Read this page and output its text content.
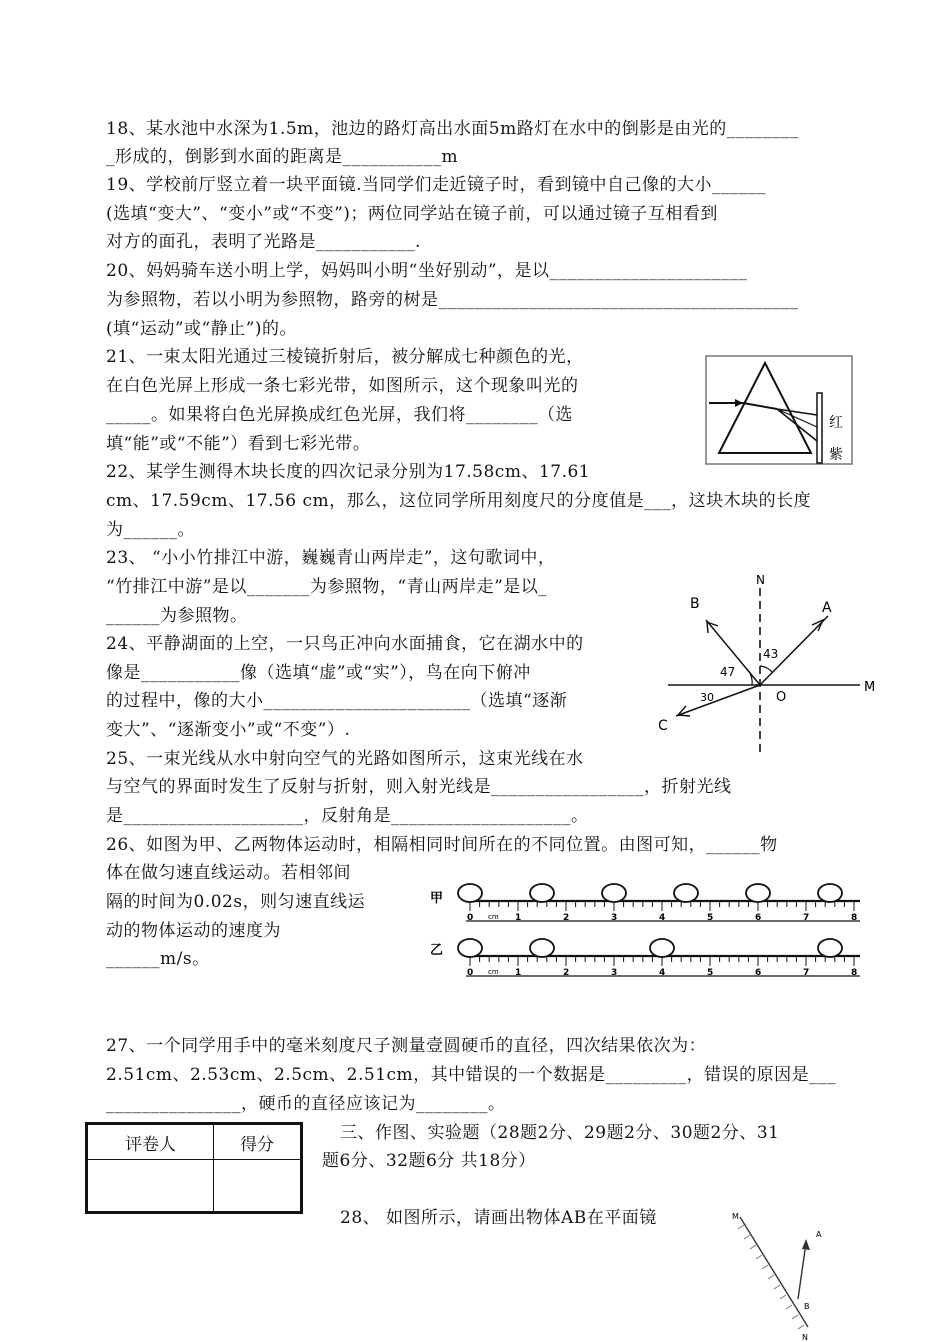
18、某水池中水深为1.5m，池边的路灯高出水面5m路灯在水中的倒影是由光的________
_形成的，倒影到水面的距离是___________m
19、学校前厅竖立着一块平面镜.当同学们走近镜子时，看到镜中自己像的大小______
(选填“变大”、“变小”或“不变”)；两位同学站在镜子前，可以通过镜子互相看到
对方的面孔，表明了光路是___________.
20、妈妈骑车送小明上学，妈妈叫小明“坐好别动”，是以______________________
为参照物，若以小明为参照物，路旁的树是________________________________________
(填“运动”或“静止”)的。
21、一束太阳光通过三棱镜折射后，被分解成七种颜色的光，
在白色光屏上形成一条七彩光带，如图所示，这个现象叫光的
_____。如果将白色光屏换成红色光屏，我们将________（选
填“能”或“不能”）看到七彩光带。
22、某学生测得木块长度的四次记录分别为17.58cm、17.61
cm、17.59cm、17.56 cm，那么，这位同学所用刻度尺的分度值是___，这块木块的长度
为______。
23、 “小小竹排江中游，巍巍青山两岸走”，这句歌词中，
“竹排江中游”是以_______为参照物，“青山两岸走”是以_
______为参照物。
24、平静湖面的上空，一只鸟正冲向水面捕食，它在湖水中的
像是___________像（选填“虚”或“实”），鸟在向下俯冲
的过程中，像的大小_______________________（选填“逐渐
变大”、“逐渐变小”或“不变”）.
25、一束光线从水中射向空气的光路如图所示，这束光线在水
与空气的界面时发生了反射与折射，则入射光线是_________________，折射光线
是____________________，反射角是____________________。
26、如图为甲、乙两物体运动时，相隔相同时间所在的不同位置。由图可知，______物
体在做匀速直线运动。若相邻间
隔的时间为0.02s，则匀速直线运
动的物体运动的速度为
______m/s。
27、一个同学用手中的毫米刻度尺子测量壹圆硬币的直径，四次结果依次为：
2.51cm、2.53cm、2.5cm、2.51cm，其中错误的一个数据是_________，错误的原因是___
_______________，硬币的直径应该记为________。
三、作图、实验题（28题2分、29题2分、30题2分、31
题6分、32题6分 共18分）
28、 如图所示，请画出物体AB在平面镜
评卷人	得分

红
紫
N
A
B
C
M
O
43
47
30
0	1	2	3	4	5	6	7	8
cm
0	1	2	3	4	5	6	7	8
cm
甲
乙
M
N
A
B
